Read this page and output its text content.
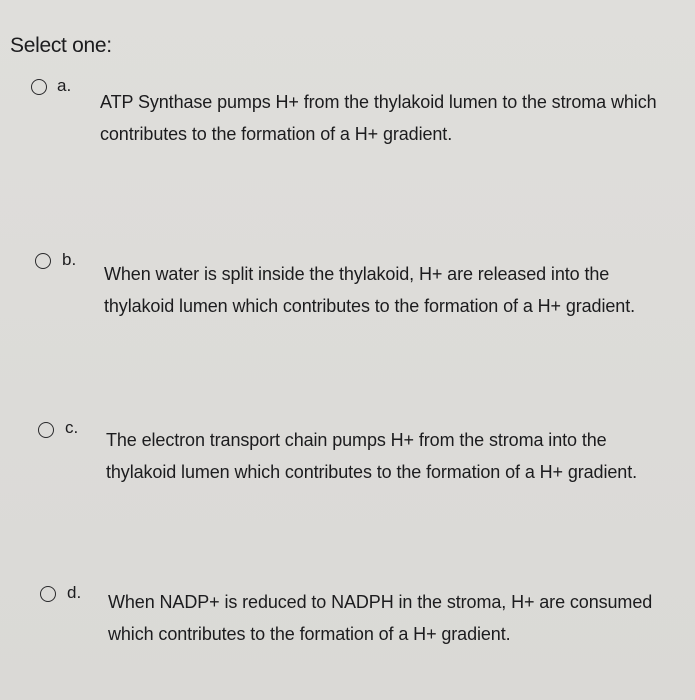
Select one:
a.
ATP Synthase pumps H+ from the thylakoid lumen to the stroma which contributes to the formation of a H+ gradient.
b.
When water is split inside the thylakoid, H+ are released into the thylakoid lumen which contributes to the formation of a H+ gradient.
c.
The electron transport chain pumps H+ from the stroma into the thylakoid lumen which contributes to the formation of a H+ gradient.
d. When NADP+ is reduced to NADPH in the stroma, H+ are consumed which contributes to the formation of a H+ gradient.
